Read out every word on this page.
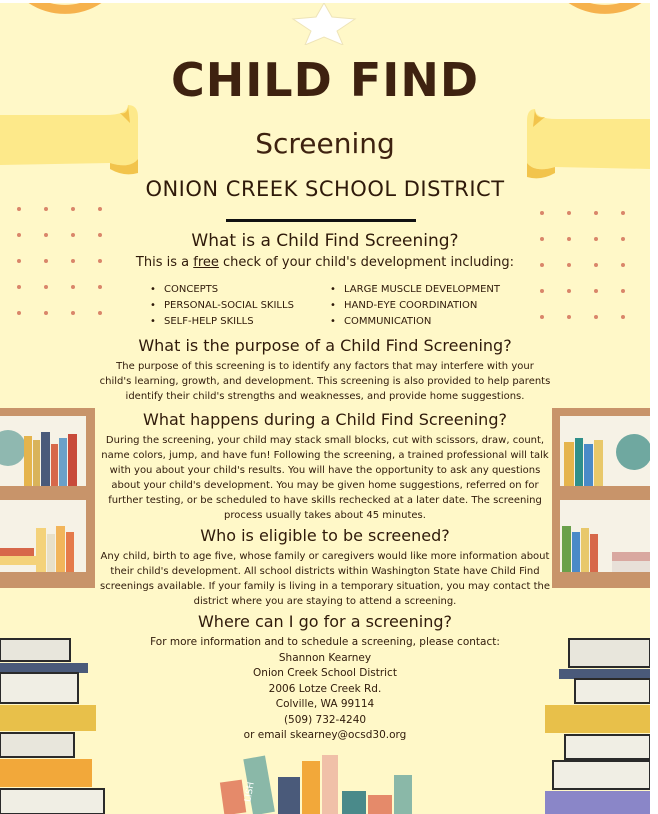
CHILD FIND
Screening
ONION CREEK SCHOOL DISTRICT
What is a Child Find Screening?
This is a free check of your child's development including:
• CONCEPTS
• PERSONAL-SOCIAL SKILLS
• SELF-HELP SKILLS
• LARGE MUSCLE DEVELOPMENT
• HAND-EYE COORDINATION
• COMMUNICATION
What is the purpose of a Child Find Screening?
The purpose of this screening is to identify any factors that may interfere with your
child's learning, growth, and development. This screening is also provided to help parents
identify their child's strengths and weaknesses, and provide home suggestions.
What happens during a Child Find Screening?
During the screening, your child may stack small blocks, cut with scissors, draw, count,
name colors, jump, and have fun! Following the screening, a trained professional will talk
with you about your child's results. You will have the opportunity to ask any questions
about your child's development. You may be given home suggestions, referred on for
further testing, or be scheduled to have skills rechecked at a later date. The screening
process usually takes about 45 minutes.
Who is eligible to be screened?
Any child, birth to age five, whose family or caregivers would like more information about
their child's development. All school districts within Washington State have Child Find
screenings available. If your family is living in a temporary situation, you may contact the
district where you are staying to attend a screening.
Where can I go for a screening?
For more information and to schedule a screening, please contact:
Shannon Kearney
Onion Creek School District
2006 Lotze Creek Rd.
Colville, WA 99114
(509) 732-4240
or email skearney@ocsd30.org
LISH
